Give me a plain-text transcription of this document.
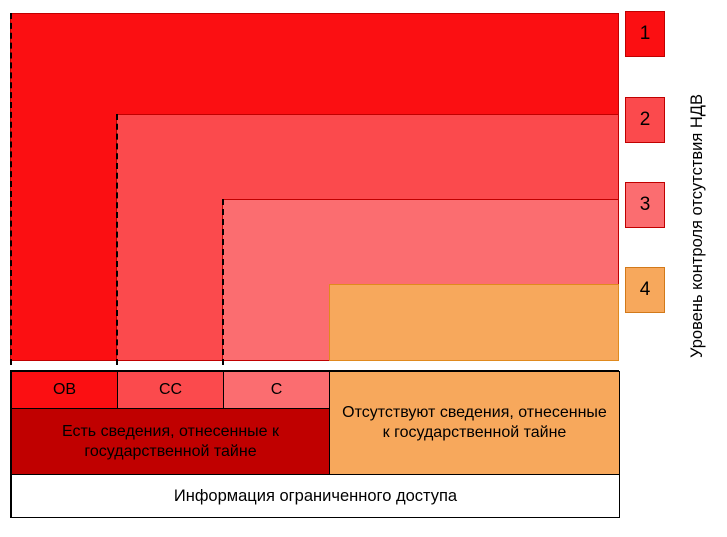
1
2
3
4	Уровень контроля отсутствия НДВ
ОВ	СС	С
Есть сведения, отнесенные к государственной тайне
Отсутствуют сведения, отнесенные к государственной тайне
Информация ограниченного доступа
